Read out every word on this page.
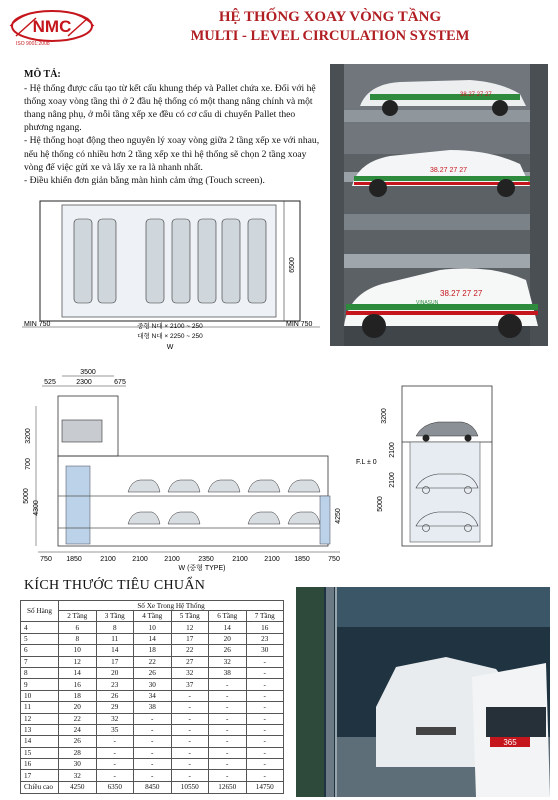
NMC
ISO 9001:2008
HỆ THỐNG XOAY VÒNG TẦNG
MULTI - LEVEL CIRCULATION SYSTEM
MÔ TẢ:

- Hệ thống được cấu tạo từ kết cấu khung thép và Pallet chứa xe. Đối với hệ thống xoay vòng tầng thì ở 2 đầu hệ thống có một thang nâng chính và một thang nâng phụ, ở mỗi tầng xếp xe đều có cơ cấu di chuyển Pallet theo phương ngang.

- Hệ thống hoạt động theo nguyên lý xoay vòng giữa 2 tầng xếp xe với nhau, nếu hệ thống có nhiều hơn 2 tầng xếp xe thì hệ thống sẽ chọn 2 tầng xoay vòng để việc gửi xe và lấy xe ra là nhanh nhất.

- Điều khiển đơn giản bằng màn hình cảm ứng (Touch screen).

38.27 27 27
38.27 27 27
VINASUN
38.27 27 27
VINASUN
6500
MIN 750	MIN 750
중형 N대 × 2100 ~ 250
대형 N대 × 2250 ~ 250
W
3500
525	2300	675
3200
700
5000
4300
4250
750 1850	2100 2100 2100	2350	2100 2100 1850	750
W (중형 TYPE)
3200
2100
2100
5000
F.L ± 0
KÍCH THƯỚC TIÊU CHUẨN
Số Hàng	Số Xe Trong Hệ Thống					
	2 Tầng	3 Tầng	4 Tầng	5 Tầng	6 Tầng	7 Tầng
4	6	8	10	12	14	16
5	8	11	14	17	20	23
6	10	14	18	22	26	30
7	12	17	22	27	32	-
8	14	20	26	32	38	-
9	16	23	30	37	-	-
10	18	26	34	-	-	-
11	20	29	38	-	-	-
12	22	32	-	-	-	-
13	24	35	-	-	-	-
14	26	-	-	-	-	-
15	28	-	-	-	-	-
16	30	-	-	-	-	-
17	32	-	-	-	-	-
Chiều cao	4250	6350	8450	10550	12650	14750
365
